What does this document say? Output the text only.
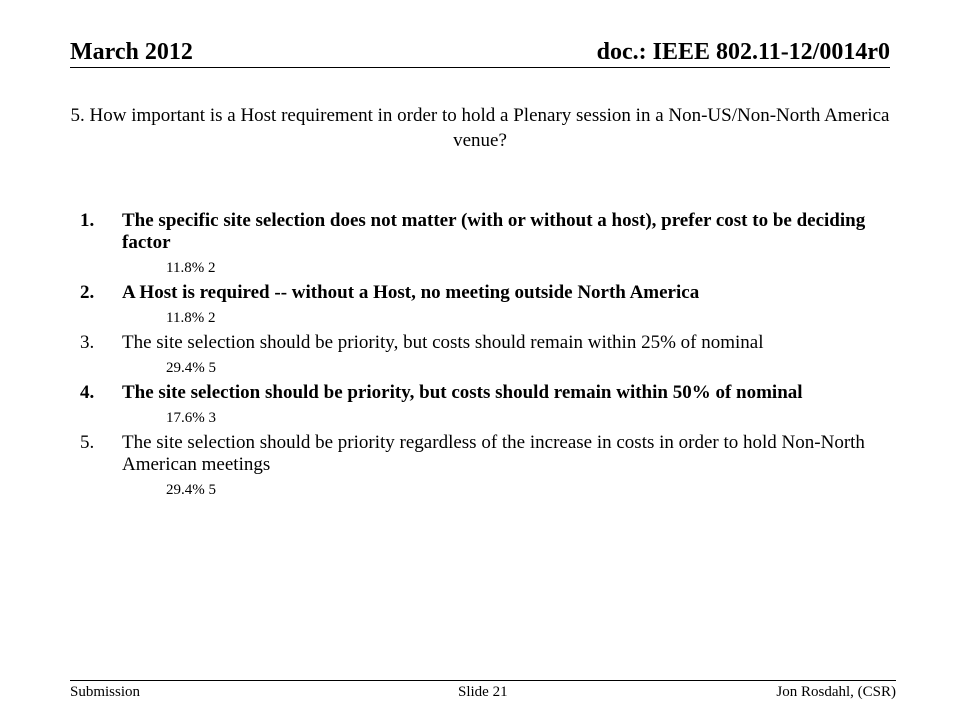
March 2012	doc.: IEEE 802.11-12/0014r0
5. How important is a Host requirement in order to hold a Plenary session in a Non-US/Non-North America venue?
1. The specific site selection does not matter (with or without a host), prefer cost to be deciding factor
11.8% 2
2. A Host is required -- without a Host, no meeting outside North America
11.8% 2
3. The site selection should be priority, but costs should remain within 25% of nominal
29.4% 5
4. The site selection should be priority, but costs should remain within 50% of nominal
17.6% 3
5. The site selection should be priority regardless of the increase in costs in order to hold Non-North American meetings
29.4% 5
Submission	Slide 21	Jon Rosdahl, (CSR)
